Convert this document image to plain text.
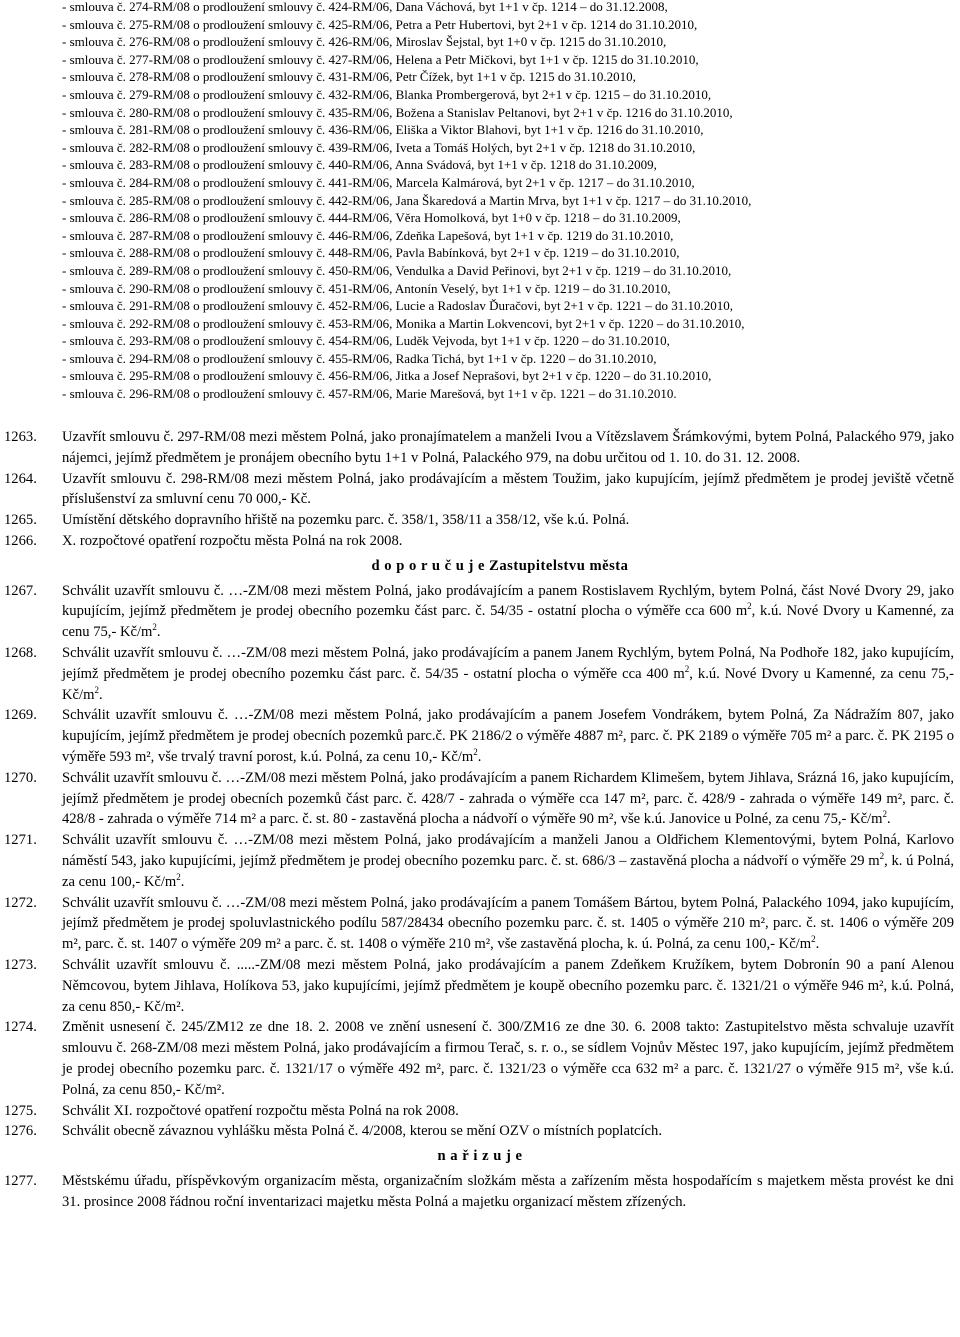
- smlouva č. 274-RM/08 o prodloužení smlouvy č. 424-RM/06, Dana Váchová, byt 1+1 v čp. 1214 – do 31.12.2008,
- smlouva č. 275-RM/08 o prodloužení smlouvy č. 425-RM/06, Petra a Petr Hubertovi, byt 2+1 v čp. 1214 do 31.10.2010,
- smlouva č. 276-RM/08 o prodloužení smlouvy č. 426-RM/06, Miroslav Šejstal, byt 1+0 v čp. 1215 do 31.10.2010,
- smlouva č. 277-RM/08 o prodloužení smlouvy č. 427-RM/06, Helena a Petr Mičkovi, byt 1+1 v čp. 1215 do 31.10.2010,
- smlouva č. 278-RM/08 o prodloužení smlouvy č. 431-RM/06, Petr Čížek, byt 1+1 v čp. 1215 do 31.10.2010,
- smlouva č. 279-RM/08 o prodloužení smlouvy č. 432-RM/06, Blanka Prombergerová, byt 2+1 v čp. 1215 – do 31.10.2010,
- smlouva č. 280-RM/08 o prodloužení smlouvy č. 435-RM/06, Božena a Stanislav Peltanovi, byt 2+1 v čp. 1216 do 31.10.2010,
- smlouva č. 281-RM/08 o prodloužení smlouvy č. 436-RM/06, Eliška a Viktor Blahovi, byt 1+1 v čp. 1216 do 31.10.2010,
- smlouva č. 282-RM/08 o prodloužení smlouvy č. 439-RM/06, Iveta a Tomáš Holých, byt 2+1 v čp. 1218 do 31.10.2010,
- smlouva č. 283-RM/08 o prodloužení smlouvy č. 440-RM/06, Anna Svádová, byt 1+1 v čp. 1218 do 31.10.2009,
- smlouva č. 284-RM/08 o prodloužení smlouvy č. 441-RM/06, Marcela Kalmárová, byt 2+1 v čp. 1217 – do 31.10.2010,
- smlouva č. 285-RM/08 o prodloužení smlouvy č. 442-RM/06, Jana Škaredová a Martin Mrva, byt 1+1 v čp. 1217 – do 31.10.2010,
- smlouva č. 286-RM/08 o prodloužení smlouvy č. 444-RM/06, Věra Homolková, byt 1+0 v čp. 1218 – do 31.10.2009,
- smlouva č. 287-RM/08 o prodloužení smlouvy č. 446-RM/06, Zdeňka Lapešová, byt 1+1 v čp. 1219 do 31.10.2010,
- smlouva č. 288-RM/08 o prodloužení smlouvy č. 448-RM/06, Pavla Babínková, byt 2+1 v čp. 1219 – do 31.10.2010,
- smlouva č. 289-RM/08 o prodloužení smlouvy č. 450-RM/06, Vendulka a David Peřinovi, byt 2+1 v čp. 1219 – do 31.10.2010,
- smlouva č. 290-RM/08 o prodloužení smlouvy č. 451-RM/06, Antonín Veselý, byt 1+1 v čp. 1219 – do 31.10.2010,
- smlouva č. 291-RM/08 o prodloužení smlouvy č. 452-RM/06, Lucie a Radoslav Ďuračovi, byt 2+1 v čp. 1221 – do 31.10.2010,
- smlouva č. 292-RM/08 o prodloužení smlouvy č. 453-RM/06, Monika a Martin Lokvencovi, byt 2+1 v čp. 1220 – do 31.10.2010,
- smlouva č. 293-RM/08 o prodloužení smlouvy č. 454-RM/06, Luděk Vejvoda, byt 1+1 v čp. 1220 – do 31.10.2010,
- smlouva č. 294-RM/08 o prodloužení smlouvy č. 455-RM/06, Radka Tichá, byt 1+1 v čp. 1220 – do 31.10.2010,
- smlouva č. 295-RM/08 o prodloužení smlouvy č. 456-RM/06, Jitka a Josef Neprašovi, byt 2+1 v čp. 1220 – do 31.10.2010,
- smlouva č. 296-RM/08 o prodloužení smlouvy č. 457-RM/06, Marie Marešová, byt 1+1 v čp. 1221 – do 31.10.2010.
1263. Uzavřít smlouvu č. 297-RM/08 mezi městem Polná, jako pronajímatelem a manželi Ivou a Vítězslavem Šrámkovými, bytem Polná, Palackého 979, jako nájemci, jejímž předmětem je pronájem obecního bytu 1+1 v Polná, Palackého 979, na dobu určitou od 1. 10. do 31. 12. 2008.
1264. Uzavřít smlouvu č. 298-RM/08 mezi městem Polná, jako prodávajícím a městem Toužim, jako kupujícím, jejímž předmětem je prodej jeviště včetně příslušenství za smluvní cenu 70 000,- Kč.
1265. Umístění dětského dopravního hřiště na pozemku parc. č. 358/1, 358/11 a 358/12, vše k.ú. Polná.
1266. X. rozpočtové opatření rozpočtu města Polná na rok 2008.
d o p o r u č u j e Zastupitelstvu města
1267. Schválit uzavřít smlouvu č. …-ZM/08 mezi městem Polná, jako prodávajícím a panem Rostislavem Rychlým, bytem Polná, část Nové Dvory 29, jako kupujícím, jejímž předmětem je prodej obecního pozemku část parc. č. 54/35 - ostatní plocha o výměře cca 600 $m^2$, k.ú. Nové Dvory u Kamenné, za cenu 75,- $Kč/m^2$.
1268. Schválit uzavřít smlouvu č. …-ZM/08 mezi městem Polná, jako prodávajícím a panem Janem Rychlým, bytem Polná, Na Podhoře 182, jako kupujícím, jejímž předmětem je prodej obecního pozemku část parc. č. 54/35 - ostatní plocha o výměře cca 400 $m^2$, k.ú. Nové Dvory u Kamenné, za cenu 75,- $Kč/m^2$.
1269. Schválit uzavřít smlouvu č. …-ZM/08 mezi městem Polná, jako prodávajícím a panem Josefem Vondrákem, bytem Polná, Za Nádražím 807, jako kupujícím, jejímž předmětem je prodej obecních pozemků parc.č. PK 2186/2 o výměře 4887 m², parc. č. PK 2189 o výměře 705 m² a parc. č. PK 2195 o výměře 593 m², vše trvalý travní porost, k.ú. Polná, za cenu 10,- $Kč/m^2$.
1270. Schválit uzavřít smlouvu č. …-ZM/08 mezi městem Polná, jako prodávajícím a panem Richardem Klimešem, bytem Jihlava, Srázná 16, jako kupujícím, jejímž předmětem je prodej obecních pozemků část parc. č. 428/7 - zahrada o výměře cca 147 m², parc. č. 428/9 - zahrada o výměře 149 m², parc. č. 428/8 - zahrada o výměře 714 m² a parc. č. st. 80 - zastavěná plocha a nádvoří o výměře 90 m², vše k.ú. Janovice u Polné, za cenu 75,- $Kč/m^2$.
1271. Schválit uzavřít smlouvu č. …-ZM/08 mezi městem Polná, jako prodávajícím a manželi Janou a Oldřichem Klementovými, bytem Polná, Karlovo náměstí 543, jako kupujícími, jejímž předmětem je prodej obecního pozemku parc. č. st. 686/3 – zastavěná plocha a nádvoří o výměře 29 $m^2$, k. ú Polná, za cenu 100,- $Kč/m^2$.
1272. Schválit uzavřít smlouvu č. …-ZM/08 mezi městem Polná, jako prodávajícím a panem Tomášem Bártou, bytem Polná, Palackého 1094, jako kupujícím, jejímž předmětem je prodej spoluvlastnického podílu 587/28434 obecního pozemku parc. č. st. 1405 o výměře 210 m², parc. č. st. 1406 o výměře 209 m², parc. č. st. 1407 o výměře 209 m² a parc. č. st. 1408 o výměře 210 m², vše zastavěná plocha, k. ú. Polná, za cenu 100,- $Kč/m^2$.
1273. Schválit uzavřít smlouvu č. .....-ZM/08 mezi městem Polná, jako prodávajícím a panem Zdeňkem Kružíkem, bytem Dobronín 90 a paní Alenou Němcovou, bytem Jihlava, Holíkova 53, jako kupujícími, jejímž předmětem je koupě obecního pozemku parc. č. 1321/21 o výměře 946 m², k.ú. Polná, za cenu 850,- Kč/m².
1274. Změnit usnesení č. 245/ZM12 ze dne 18. 2. 2008 ve znění usnesení č. 300/ZM16 ze dne 30. 6. 2008 takto: Zastupitelstvo města schvaluje uzavřít smlouvu č. 268-ZM/08 mezi městem Polná, jako prodávajícím a firmou Terač, s. r. o., se sídlem Vojnův Městec 197, jako kupujícím, jejímž předmětem je prodej obecního pozemku parc. č. 1321/17 o výměře 492 m², parc. č. 1321/23 o výměře cca 632 m² a parc. č. 1321/27 o výměře 915 m², vše k.ú. Polná, za cenu 850,- Kč/m².
1275. Schválit XI. rozpočtové opatření rozpočtu města Polná na rok 2008.
1276. Schválit obecně závaznou vyhlášku města Polná č. 4/2008, kterou se mění OZV o místních poplatcích.
n a ř i z u j e
1277. Městskému úřadu, příspěvkovým organizacím města, organizačním složkám města a zařízením města hospodařícím s majetkem města provést ke dni 31. prosince 2008 řádnou roční inventarizaci majetku města Polná a majetku organizací městem zřízených.
